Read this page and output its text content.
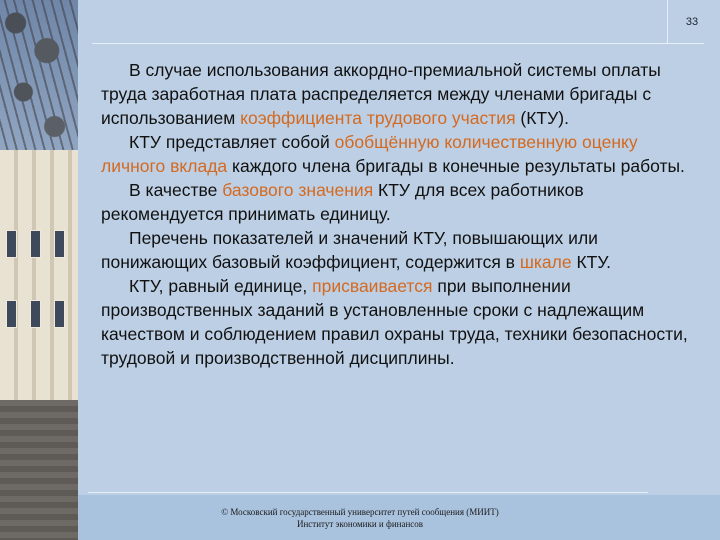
33

В случае использования аккордно-премиальной системы оплаты труда заработная плата распределяется между членами бригады с использованием коэффициента трудового участия (КТУ).

КТУ представляет собой обобщённую количественную оценку личного вклада каждого члена бригады в конечные результаты работы.

В качестве базового значения КТУ для всех работников рекомендуется принимать единицу.

Перечень показателей и значений КТУ, повышающих или понижающих базовый коэффициент, содержится в шкале КТУ.

КТУ, равный единице, присваивается при выполнении производственных заданий в установленные сроки с надлежащим качеством и соблюдением правил охраны труда, техники безопасности, трудовой и производственной дисциплины.

© Московский государственный университет путей сообщения (МИИТ)
Институт экономики и финансов
